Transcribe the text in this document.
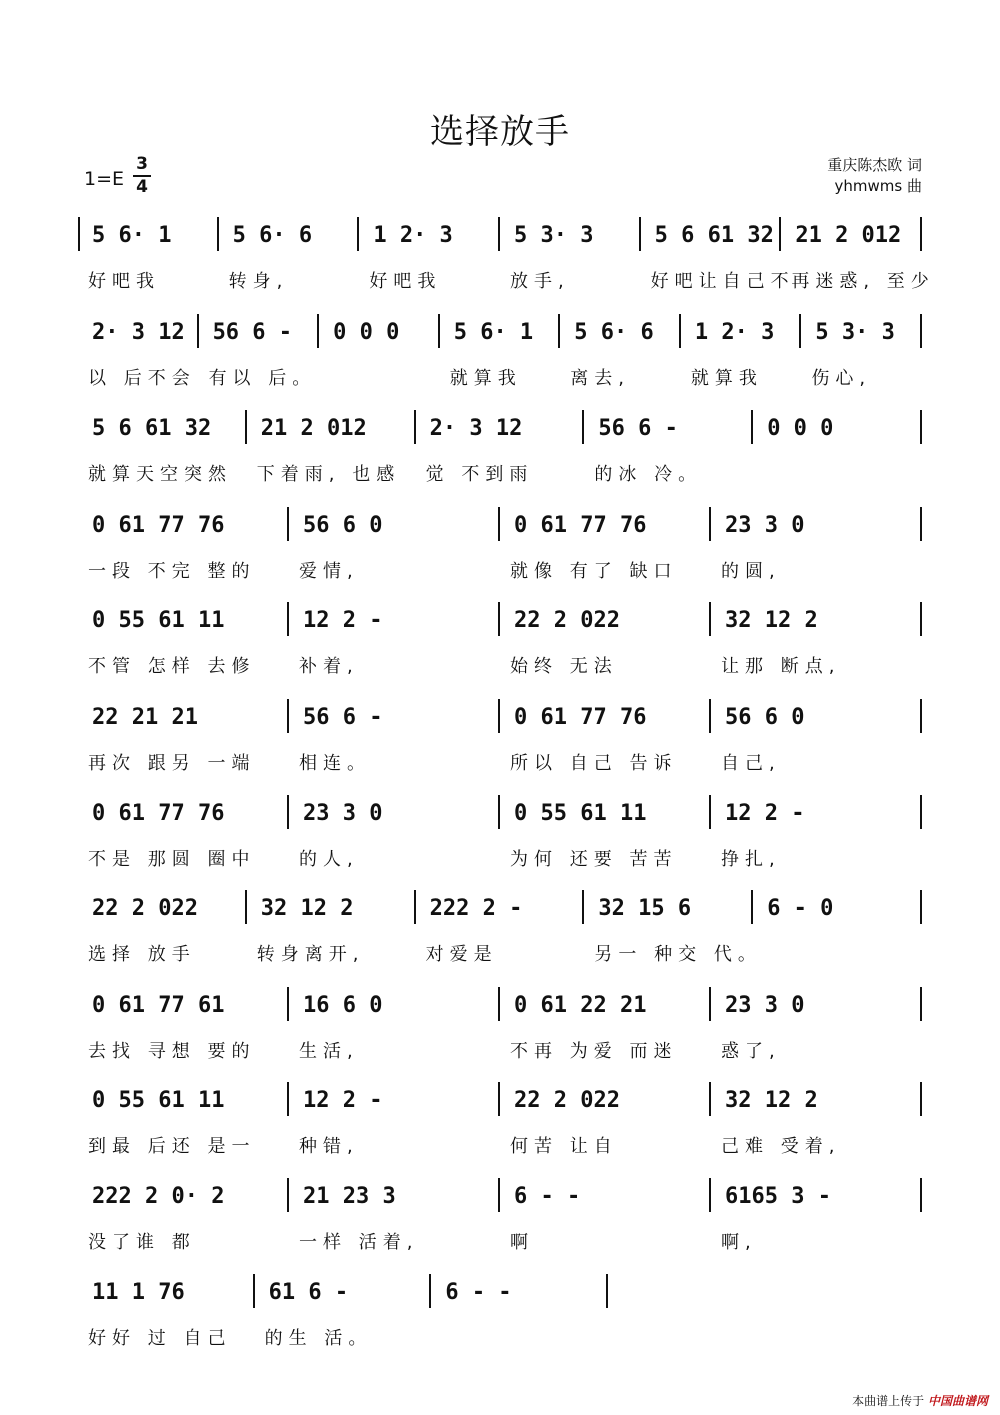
选择放手
1=E
3
4
重庆陈杰欧 词
yhmwms 曲
5 6· 1	5 6· 6	1 2· 3	5 3· 3	5 6 61 32 21 2 012
好吧我	转身,	好吧我	放手,	好吧让自己不
再迷惑, 至少
2· 3 12 56 6 - 0 0 0 5 6· 1 5 6· 6 1 2· 3 5 3· 3
以 后不会 有以 后。	就算我	离去,	就算我	伤心,
5 6 61 32 21 2 012	2· 3 12	56 6 -	0 0 0
就算天空突然 下着雨, 也感 觉 不到雨	的冰 冷。
0 61 77 76	56 6 0	0 61 77 76	23 3 0
一段 不完 整的 爱情,	就像 有了 缺口 的圆,
0 55 61 11	12 2 -	22 2 022	32 12 2
不管 怎样 去修 补着,	始终 无法	让那 断点,
22 21 21	56 6 -	0 61 77 76	56 6 0
再次 跟另 一端 相连。	所以 自己 告诉 自己,
0 61 77 76	23 3 0	0 55 61 11	12 2 -
不是 那圆 圈中 的人,	为何 还要 苦苦 挣扎,
22 2 022	32 12 2	222 2 -	32 15 6	6 - 0
选择 放手	转身离开,	对爱是	另一 种交 代。
0 61 77 61	16 6 0	0 61 22 21	23 3 0
去找 寻想 要的 生活,	不再 为爱 而迷 惑了,
0 55 61 11	12 2 -	22 2 022	32 12 2
到最 后还 是一 种错,	何苦 让自	己难 受着,
222 2 0· 2	21 23 3	6 - -	6165 3 -
没了谁 都	一样 活着,	啊	啊,
11 1 76	61 6 -	6 - -
好好 过 自己 的生 活。
本曲谱上传于 中国曲谱网
